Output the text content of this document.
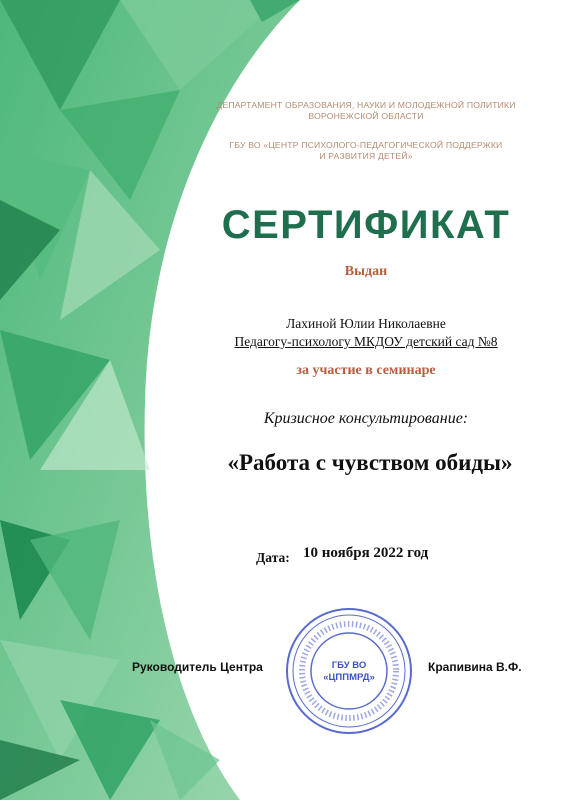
ДЕПАРТАМЕНТ ОБРАЗОВАНИЯ, НАУКИ И МОЛОДЕЖНОЙ ПОЛИТИКИ
ВОРОНЕЖСКОЙ ОБЛАСТИ
ГБУ ВО «ЦЕНТР ПСИХОЛОГО-ПЕДАГОГИЧЕСКОЙ ПОДДЕРЖКИ
И РАЗВИТИЯ ДЕТЕЙ»
СЕРТИФИКАТ
Выдан
Лахиной Юлии Николаевне
Педагогу-психологу МКДОУ детский сад №8
за участие в семинаре
Кризисное консультирование:
«Работа с чувством обиды»
Дата: 10 ноября 2022 год
ГБУ ВО
«ЦППМРД»
Руководитель Центра	Крапивина В.Ф.
